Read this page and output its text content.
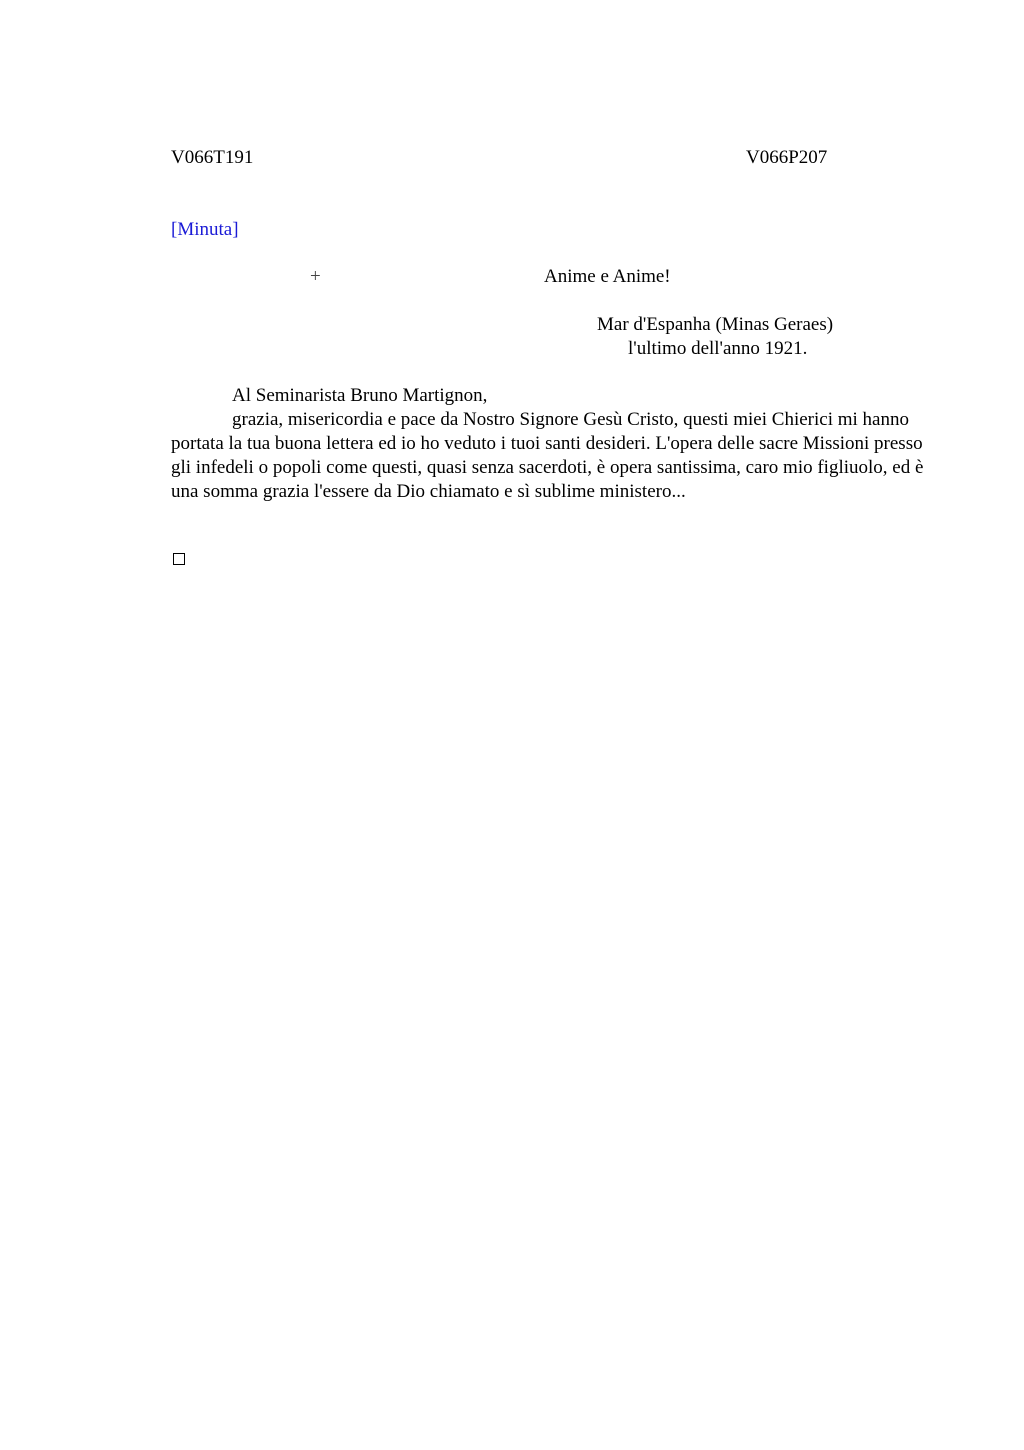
V066T191	V066P207
[Minuta]
+	Anime e Anime!
Mar d'Espanha (Minas Geraes)
l'ultimo dell'anno 1921.
Al Seminarista Bruno Martignon,

grazia, misericordia e pace da Nostro Signore Gesù Cristo, questi miei Chierici mi hanno portata la tua buona lettera ed io ho veduto i tuoi santi desideri. L'opera delle sacre Missioni presso gli infedeli o popoli come questi, quasi senza sacerdoti, è opera santissima, caro mio figliuolo, ed è una somma grazia l'essere da Dio chiamato e sì sublime ministero...
